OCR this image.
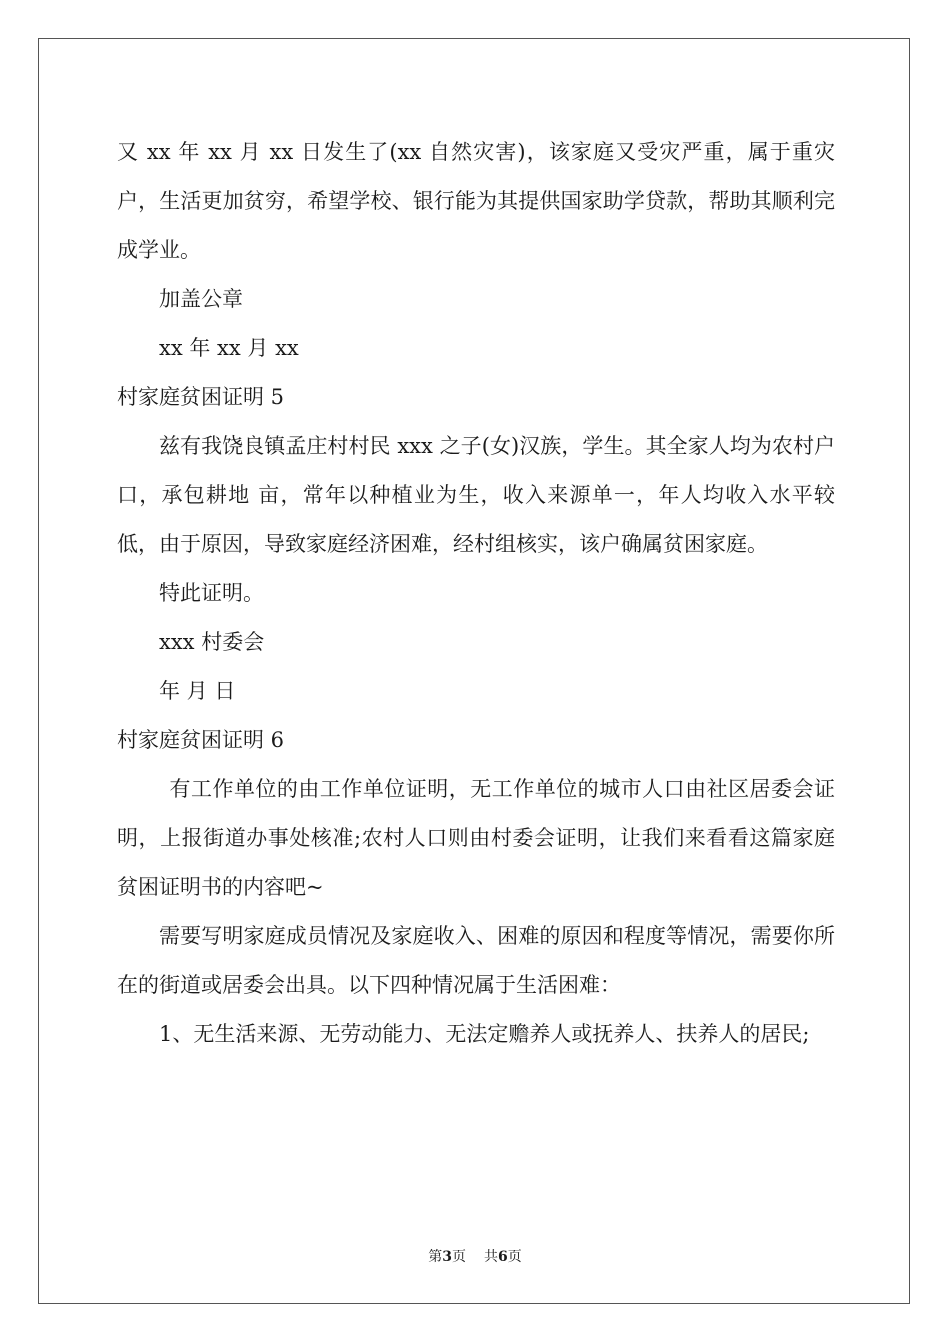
又 xx 年 xx 月 xx 日发生了(xx 自然灾害)，该家庭又受灾严重，属于重灾户，生活更加贫穷，希望学校、银行能为其提供国家助学贷款，帮助其顺利完成学业。

加盖公章

xx 年 xx 月 xx

村家庭贫困证明 5

兹有我饶良镇孟庄村村民 xxx 之子(女)汉族，学生。其全家人均为农村户口，承包耕地 亩，常年以种植业为生，收入来源单一，年人均收入水平较低，由于原因，导致家庭经济困难，经村组核实，该户确属贫困家庭。

特此证明。

xxx 村委会

年 月 日

村家庭贫困证明 6

有工作单位的由工作单位证明，无工作单位的城市人口由社区居委会证明，上报街道办事处核准;农村人口则由村委会证明，让我们来看看这篇家庭贫困证明书的内容吧~

需要写明家庭成员情况及家庭收入、困难的原因和程度等情况，需要你所在的街道或居委会出具。以下四种情况属于生活困难：

1、无生活来源、无劳动能力、无法定赡养人或抚养人、扶养人的居民;

第3页 共6页
